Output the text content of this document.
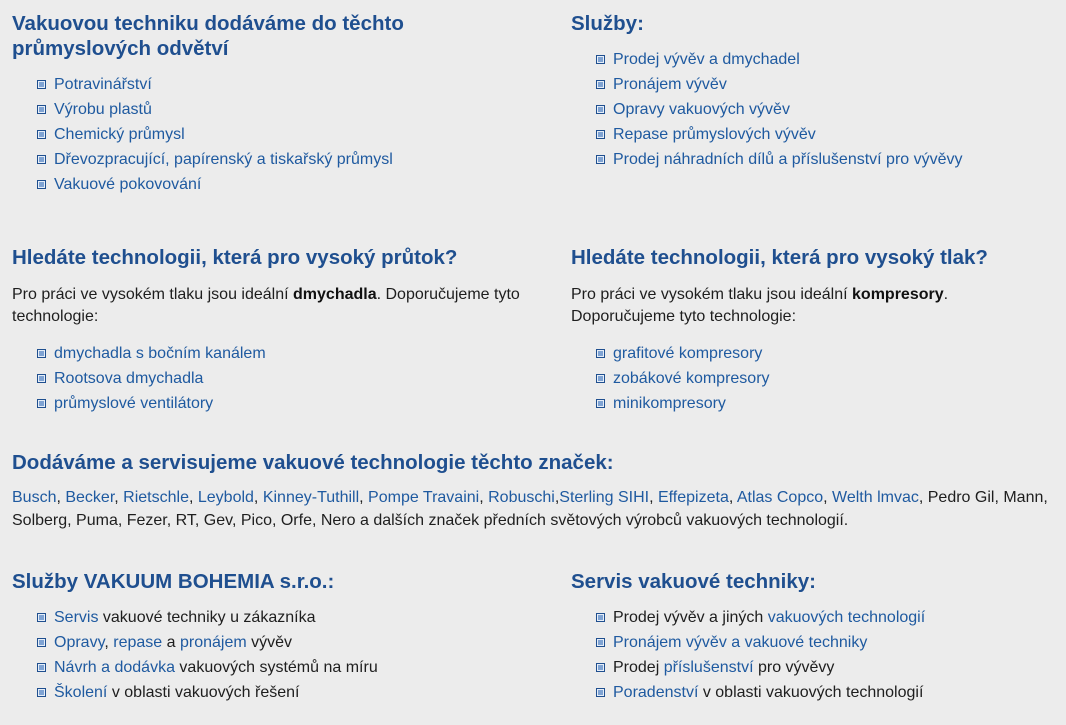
Vakuovou techniku dodáváme do těchto průmyslových odvětví
Potravinářství
Výrobu plastů
Chemický průmysl
Dřevozpracující, papírenský a tiskařský průmysl
Vakuové pokovování
Služby:
Prodej vývěv a dmychadel
Pronájem vývěv
Opravy vakuových vývěv
Repase průmyslových vývěv
Prodej náhradních dílů a příslušenství pro vývěvy
Hledáte technologii, která pro vysoký průtok?

Pro práci ve vysokém tlaku jsou ideální dmychadla. Doporučujeme tyto technologie:

dmychadla s bočním kanálem
Rootsova dmychadla
průmyslové ventilátory
Hledáte technologii, která pro vysoký tlak?

Pro práci ve vysokém tlaku jsou ideální kompresory. Doporučujeme tyto technologie:

grafitové kompresory
zobákové kompresory
minikompresory
Dodáváme a servisujeme vakuové technologie těchto značek:

Busch, Becker, Rietschle, Leybold, Kinney-Tuthill, Pompe Travaini, Robuschi,Sterling SIHI, Effepizeta, Atlas Copco, Welth lmvac, Pedro Gil, Mann, Solberg, Puma, Fezer, RT, Gev, Pico, Orfe, Nero a dalších značek předních světových výrobců vakuových technologií.

Služby VAKUUM BOHEMIA s.r.o.:
Servis vakuové techniky u zákazníka
Opravy, repase a pronájem vývěv
Návrh a dodávka vakuových systémů na míru
Školení v oblasti vakuových řešení
Servis vakuové techniky:
Prodej vývěv a jiných vakuových technologií
Pronájem vývěv a vakuové techniky
Prodej příslušenství pro vývěvy
Poradenství v oblasti vakuových technologií
